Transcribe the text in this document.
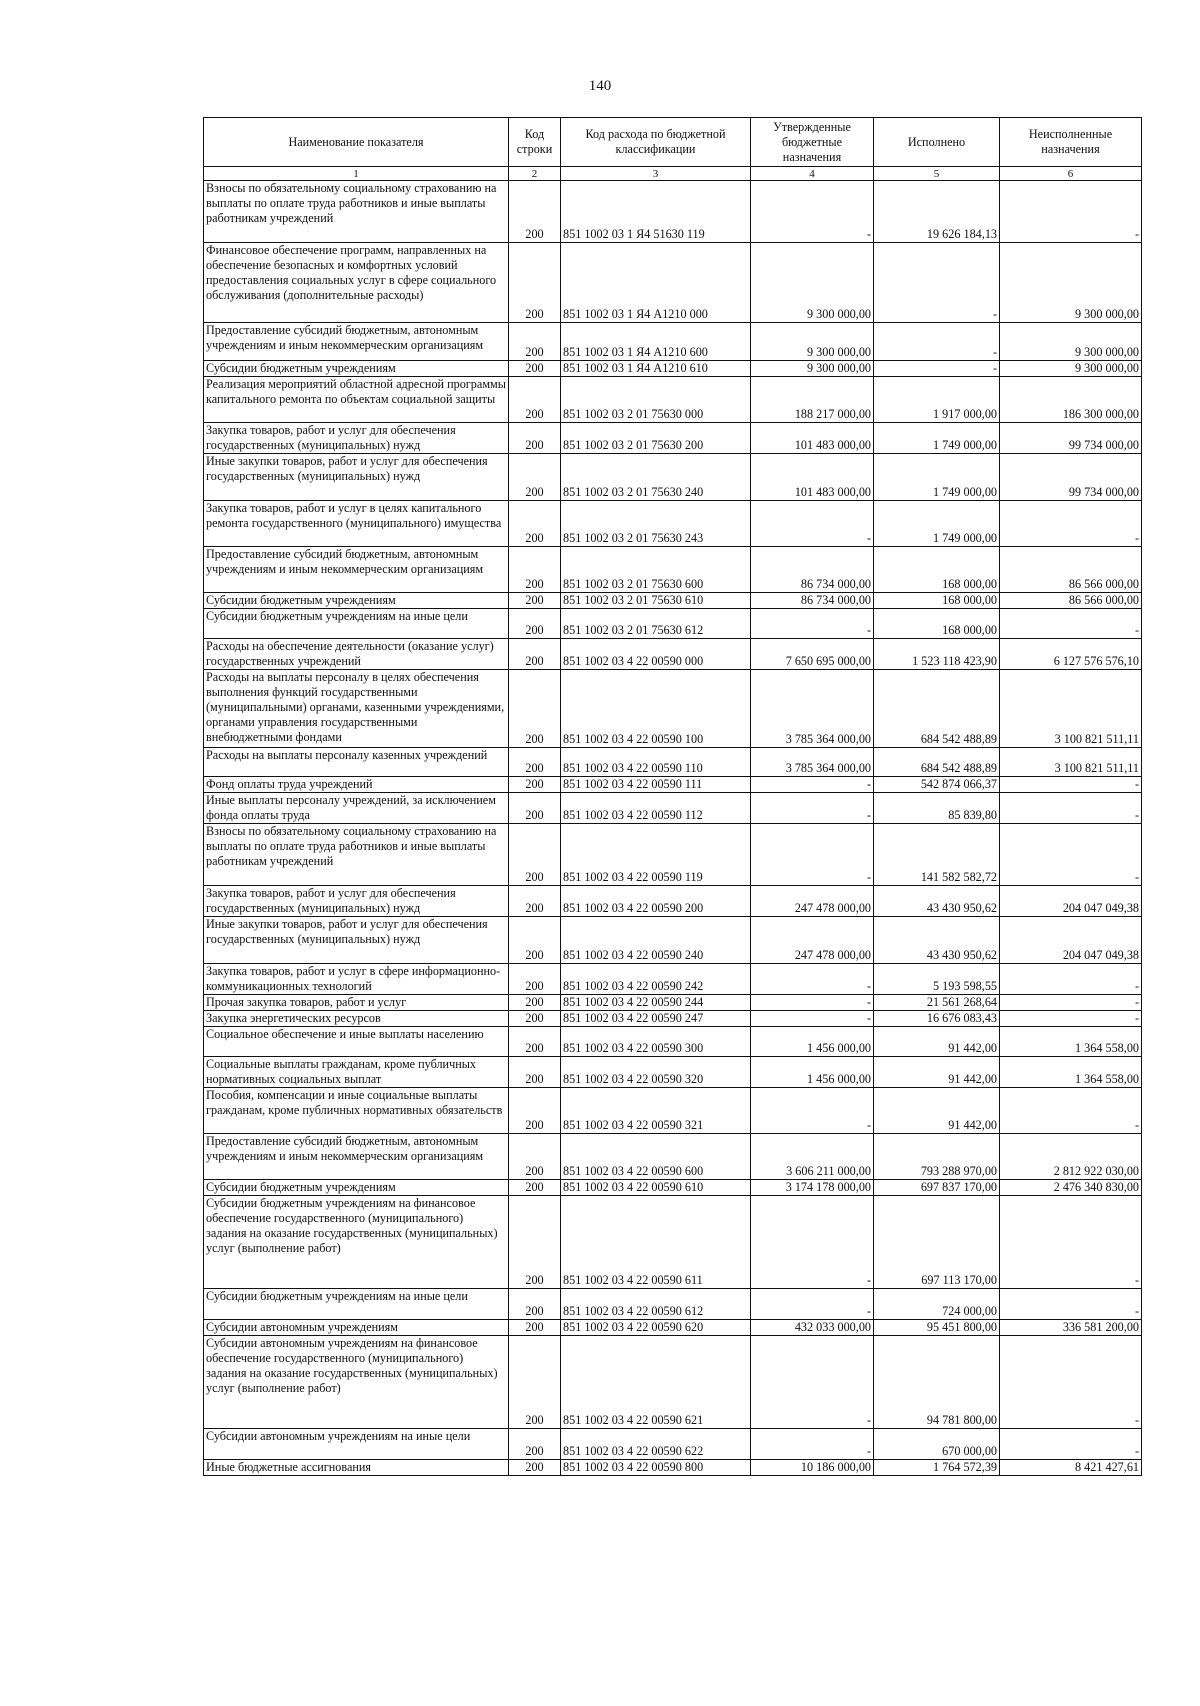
140
Наименование показателя	Код строки	Код расхода по бюджетной классификации	Утвержденные бюджетные назначения	Исполнено	Неисполненные назначения
1	2	3	4	5	6
Взносы по обязательному социальному страхованию на выплаты по оплате труда работников и иные выплаты работникам учреждений	200	851 1002 03 1 Я4 51630 119	-	19 626 184,13	-
Финансовое обеспечение программ, направленных на обеспечение безопасных и комфортных условий предоставления социальных услуг в сфере социального обслуживания (дополнительные расходы)	200	851 1002 03 1 Я4 А1210 000	9 300 000,00	-	9 300 000,00
Предоставление субсидий бюджетным, автономным учреждениям и иным некоммерческим организациям	200	851 1002 03 1 Я4 А1210 600	9 300 000,00	-	9 300 000,00
Субсидии бюджетным учреждениям	200	851 1002 03 1 Я4 А1210 610	9 300 000,00	-	9 300 000,00
Реализация мероприятий областной адресной программы капитального ремонта по объектам социальной защиты	200	851 1002 03 2 01 75630 000	188 217 000,00	1 917 000,00	186 300 000,00
Закупка товаров, работ и услуг для обеспечения государственных (муниципальных) нужд	200	851 1002 03 2 01 75630 200	101 483 000,00	1 749 000,00	99 734 000,00
Иные закупки товаров, работ и услуг для обеспечения государственных (муниципальных) нужд	200	851 1002 03 2 01 75630 240	101 483 000,00	1 749 000,00	99 734 000,00
Закупка товаров, работ и услуг в целях капитального ремонта государственного (муниципального) имущества	200	851 1002 03 2 01 75630 243	-	1 749 000,00	-
Предоставление субсидий бюджетным, автономным учреждениям и иным некоммерческим организациям	200	851 1002 03 2 01 75630 600	86 734 000,00	168 000,00	86 566 000,00
Субсидии бюджетным учреждениям	200	851 1002 03 2 01 75630 610	86 734 000,00	168 000,00	86 566 000,00
Субсидии бюджетным учреждениям на иные цели	200	851 1002 03 2 01 75630 612	-	168 000,00	-
Расходы на обеспечение деятельности (оказание услуг) государственных учреждений	200	851 1002 03 4 22 00590 000	7 650 695 000,00	1 523 118 423,90	6 127 576 576,10
Расходы на выплаты персоналу в целях обеспечения выполнения функций государственными (муниципальными) органами, казенными учреждениями, органами управления государственными внебюджетными фондами	200	851 1002 03 4 22 00590 100	3 785 364 000,00	684 542 488,89	3 100 821 511,11
Расходы на выплаты персоналу казенных учреждений	200	851 1002 03 4 22 00590 110	3 785 364 000,00	684 542 488,89	3 100 821 511,11
Фонд оплаты труда учреждений	200	851 1002 03 4 22 00590 111	-	542 874 066,37	-
Иные выплаты персоналу учреждений, за исключением фонда оплаты труда	200	851 1002 03 4 22 00590 112	-	85 839,80	-
Взносы по обязательному социальному страхованию на выплаты по оплате труда работников и иные выплаты работникам учреждений	200	851 1002 03 4 22 00590 119	-	141 582 582,72	-
Закупка товаров, работ и услуг для обеспечения государственных (муниципальных) нужд	200	851 1002 03 4 22 00590 200	247 478 000,00	43 430 950,62	204 047 049,38
Иные закупки товаров, работ и услуг для обеспечения государственных (муниципальных) нужд	200	851 1002 03 4 22 00590 240	247 478 000,00	43 430 950,62	204 047 049,38
Закупка товаров, работ и услуг в сфере информационно-коммуникационных технологий	200	851 1002 03 4 22 00590 242	-	5 193 598,55	-
Прочая закупка товаров, работ и услуг	200	851 1002 03 4 22 00590 244	-	21 561 268,64	-
Закупка энергетических ресурсов	200	851 1002 03 4 22 00590 247	-	16 676 083,43	-
Социальное обеспечение и иные выплаты населению	200	851 1002 03 4 22 00590 300	1 456 000,00	91 442,00	1 364 558,00
Социальные выплаты гражданам, кроме публичных нормативных социальных выплат	200	851 1002 03 4 22 00590 320	1 456 000,00	91 442,00	1 364 558,00
Пособия, компенсации и иные социальные выплаты гражданам, кроме публичных нормативных обязательств	200	851 1002 03 4 22 00590 321	-	91 442,00	-
Предоставление субсидий бюджетным, автономным учреждениям и иным некоммерческим организациям	200	851 1002 03 4 22 00590 600	3 606 211 000,00	793 288 970,00	2 812 922 030,00
Субсидии бюджетным учреждениям	200	851 1002 03 4 22 00590 610	3 174 178 000,00	697 837 170,00	2 476 340 830,00
Субсидии бюджетным учреждениям на финансовое обеспечение государственного (муниципального) задания на оказание государственных (муниципальных) услуг (выполнение работ)	200	851 1002 03 4 22 00590 611	-	697 113 170,00	-
Субсидии бюджетным учреждениям на иные цели	200	851 1002 03 4 22 00590 612	-	724 000,00	-
Субсидии автономным учреждениям	200	851 1002 03 4 22 00590 620	432 033 000,00	95 451 800,00	336 581 200,00
Субсидии автономным учреждениям на финансовое обеспечение государственного (муниципального) задания на оказание государственных (муниципальных) услуг (выполнение работ)	200	851 1002 03 4 22 00590 621	-	94 781 800,00	-
Субсидии автономным учреждениям на иные цели	200	851 1002 03 4 22 00590 622	-	670 000,00	-
Иные бюджетные ассигнования	200	851 1002 03 4 22 00590 800	10 186 000,00	1 764 572,39	8 421 427,61
